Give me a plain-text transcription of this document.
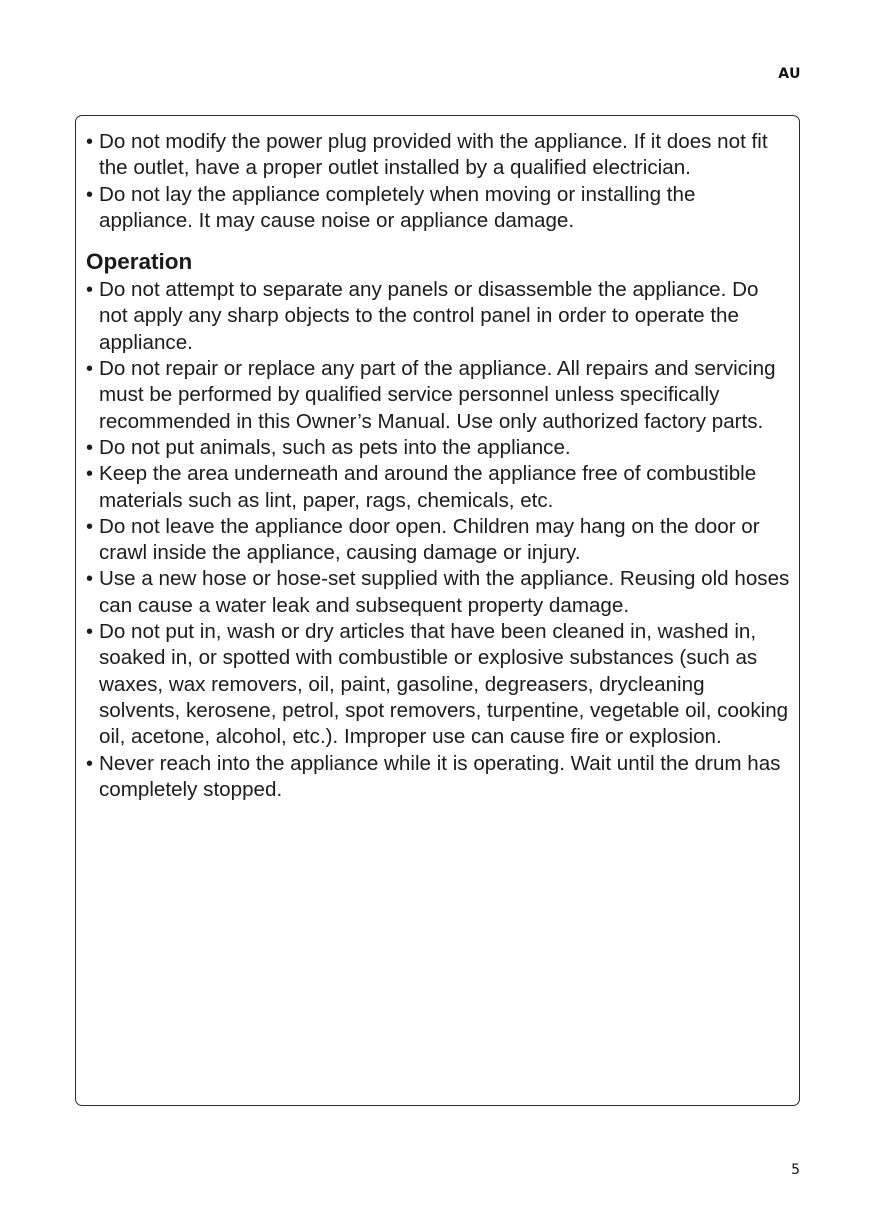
AU
• Do not modify the power plug provided with the appliance. If it does not fit the outlet, have a proper outlet installed by a qualified electrician.
• Do not lay the appliance completely when moving or installing the appliance. It may cause noise or appliance damage.
Operation
• Do not attempt to separate any panels or disassemble the appliance. Do not apply any sharp objects to the control panel in order to operate the appliance.
• Do not repair or replace any part of the appliance. All repairs and servicing must be performed by qualified service personnel unless specifically recommended in this Owner’s Manual. Use only authorized factory parts.
• Do not put animals, such as pets into the appliance.
• Keep the area underneath and around the appliance free of combustible materials such as lint, paper, rags, chemicals, etc.
• Do not leave the appliance door open. Children may hang on the door or crawl inside the appliance, causing damage or injury.
• Use a new hose or hose-set supplied with the appliance. Reusing old hoses can cause a water leak and subsequent property damage.
• Do not put in, wash or dry articles that have been cleaned in, washed in, soaked in, or spotted with combustible or explosive substances (such as waxes, wax removers, oil, paint, gasoline, degreasers, drycleaning solvents, kerosene, petrol, spot removers, turpentine, vegetable oil, cooking oil, acetone, alcohol, etc.). Improper use can cause fire or explosion.
• Never reach into the appliance while it is operating. Wait until the drum has completely stopped.
5
